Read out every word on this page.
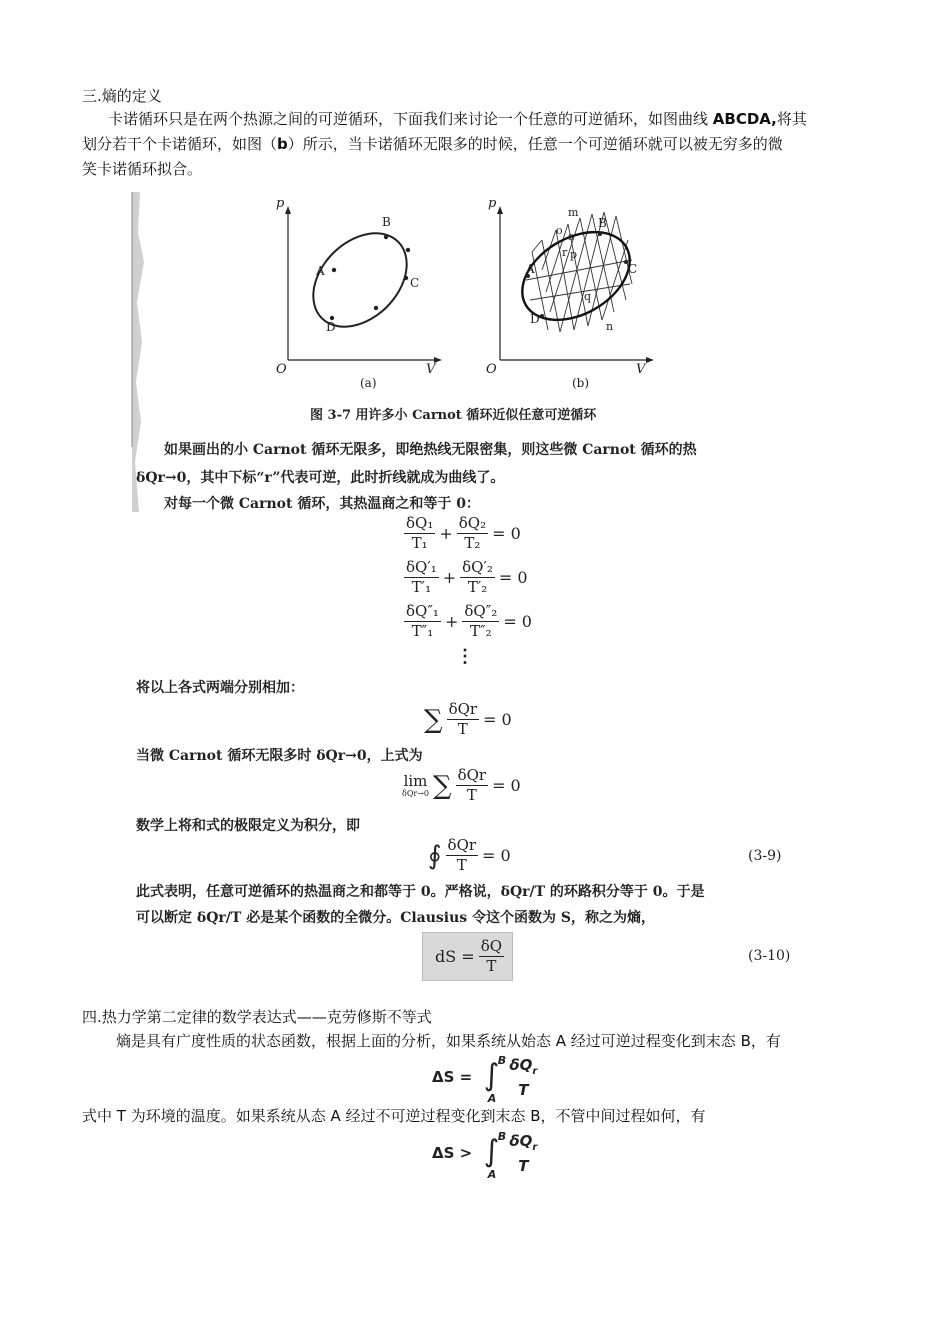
三.熵的定义
卡诺循环只是在两个热源之间的可逆循环，下面我们来讨论一个任意的可逆循环，如图曲线 ABCDA,将其
划分若干个卡诺循环，如图（b）所示，当卡诺循环无限多的时候，任意一个可逆循环就可以被无穷多的微
笑卡诺循环拟合。
p
V
O
A
B
C
D
(a)
p
V
O
A
B
C
D
m
o s
r p
q
n
(b)
图 3-7 用许多小 Carnot 循环近似任意可逆循环
如果画出的小 Carnot 循环无限多，即绝热线无限密集，则这些微 Carnot 循环的热
δQr→0，其中下标“r”代表可逆，此时折线就成为曲线了。
对每一个微 Carnot 循环，其热温商之和等于 0：
$\frac{\text{δQ₁}}{\text{T₁}} + \frac{\text{δQ₂}}{\text{T₂}} = 0$
$\frac{\text{δQ′₁}}{\text{T′₁}} + \frac{\text{δQ′₂}}{\text{T′₂}} = 0$
$\frac{\text{δQ″₁}}{\text{T″₁}} + \frac{\text{δQ″₂}}{\text{T″₂}} = 0$
⋮
将以上各式两端分别相加：
∑ $\frac{\text{δQr}}{T} = 0$
当微 Carnot 循环无限多时 δQr→0，上式为
lim
δQr→0 ∑ $\frac{\text{δQr}}{T} = 0$
数学上将和式的极限定义为积分，即
∮ $\frac{\text{δQr}}{T} = 0$	(3-9)
此式表明，任意可逆循环的热温商之和都等于 0。严格说，δQr/T 的环路积分等于 0。于是
可以断定 δQr/T 必是某个函数的全微分。Clausius 令这个函数为 S，称之为熵，
dS = $\frac{\delta Q}{T}$	(3-10)
四.热力学第二定律的数学表达式——克劳修斯不等式
熵是具有广度性质的状态函数，根据上面的分析，如果系统从始态 A 经过可逆过程变化到末态 B，有
ΔS = ∫
B
A

$\delta Q_r$
T
式中 T 为环境的温度。如果系统从态 A 经过不可逆过程变化到末态 B，不管中间过程如何，有
ΔS > ∫
B
A

$\delta Q_r$
T
